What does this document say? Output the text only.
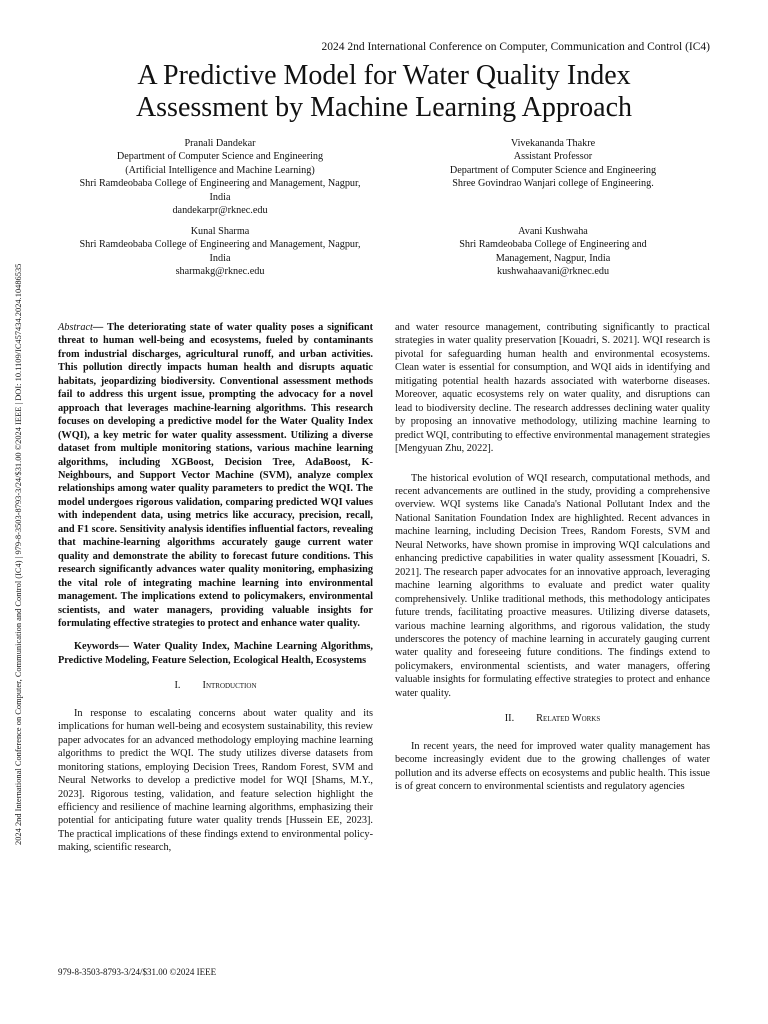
2024 2nd International Conference on Computer, Communication and Control (IC4)
A Predictive Model for Water Quality Index
Assessment by Machine Learning Approach
Pranali Dandekar
Department of Computer Science and Engineering
(Artificial Intelligence and Machine Learning)
Shri Ramdeobaba College of Engineering and Management, Nagpur,
India
dandekarpr@rknec.edu
Vivekananda Thakre
Assistant Professor
Department of Computer Science and Engineering
Shree Govindrao Wanjari college of Engineering.
Kunal Sharma
Shri Ramdeobaba College of Engineering and Management, Nagpur,
India
sharmakg@rknec.edu
Avani Kushwaha
Shri Ramdeobaba College of Engineering and
Management, Nagpur, India
kushwahaavani@rknec.edu
2024 2nd International Conference on Computer, Communication and Control (IC4) | 979-8-3503-8793-3/24/$31.00 ©2024 IEEE | DOI: 10.1109/IC457434.2024.10486535	Abstract— The deteriorating state of water quality poses a significant threat to human well-being and ecosystems, fueled by contaminants from industrial discharges, agricultural runoff, and urban activities. This pollution directly impacts human health and disrupts aquatic habitats, jeopardizing biodiversity. Conventional assessment methods fail to address this urgent issue, prompting the advocacy for a novel approach that leverages machine-learning algorithms. This research focuses on developing a predictive model for the Water Quality Index (WQI), a key metric for water quality assessment. Utilizing a diverse dataset from multiple monitoring stations, various machine learning algorithms, including XGBoost, Decision Tree, AdaBoost, K-Neighbours, and Support Vector Machine (SVM), analyze complex relationships among water quality parameters to predict the WQI. The model undergoes rigorous validation, comparing predicted WQI values with independent data, using metrics like accuracy, precision, recall, and F1 score. Sensitivity analysis identifies influential factors, revealing that machine-learning algorithms accurately gauge current water quality and demonstrate the ability to forecast future conditions. This research significantly advances water quality monitoring, emphasizing the vital role of integrating machine learning into environmental management. The implications extend to policymakers, environmental scientists, and water managers, providing valuable insights for formulating effective strategies to protect and enhance water quality.

Keywords— Water Quality Index, Machine Learning Algorithms, Predictive Modeling, Feature Selection, Ecological Health, Ecosystems

I. Introduction

In response to escalating concerns about water quality and its implications for human well-being and ecosystem sustainability, this review paper advocates for an advanced methodology employing machine learning algorithms to predict the WQI. The study utilizes diverse datasets from monitoring stations, employing Decision Trees, Random Forest, SVM and Neural Networks to develop a predictive model for WQI [Shams, M.Y., 2023]. Rigorous testing, validation, and feature selection highlight the efficiency and resilience of machine learning algorithms, emphasizing their potential for anticipating future water quality trends [Hussein EE, 2023]. The practical implications of these findings extend to environmental policy-making, scientific research,

and water resource management, contributing significantly to practical strategies in water quality preservation [Kouadri, S. 2021]. WQI research is pivotal for safeguarding human health and environmental ecosystems. Clean water is essential for consumption, and WQI aids in identifying and mitigating potential health hazards associated with waterborne diseases. Moreover, aquatic ecosystems rely on water quality, and disruptions can lead to biodiversity decline. The research addresses declining water quality by proposing an innovative methodology, utilizing machine learning to predict WQI, contributing to effective environmental management strategies [Mengyuan Zhu, 2022].

The historical evolution of WQI research, computational methods, and recent advancements are outlined in the study, providing a comprehensive overview. WQI systems like Canada's National Pollutant Index and the National Sanitation Foundation Index are highlighted. Recent advances in machine learning, including Decision Trees, Random Forests, SVM and Neural Networks, have shown promise in improving WQI calculations and enhancing predictive capabilities in water quality assessment [Kouadri, S. 2021]. The research paper advocates for an innovative approach, leveraging machine learning algorithms to evaluate and predict water quality comprehensively. Unlike traditional methods, this methodology anticipates future trends, facilitating proactive measures. Utilizing diverse datasets, various machine learning algorithms, and rigorous validation, the study underscores the potency of machine learning in accurately gauging current water quality and foreseeing future conditions. The findings extend to policymakers, environmental scientists, and water managers, offering valuable insights for formulating effective strategies to protect and enhance water quality.

II. Related Works

In recent years, the need for improved water quality management has become increasingly evident due to the growing challenges of water pollution and its adverse effects on ecosystems and public health. This issue is of great concern to environmental scientists and regulatory agencies

979-8-3503-8793-3/24/$31.00 ©2024 IEEE
